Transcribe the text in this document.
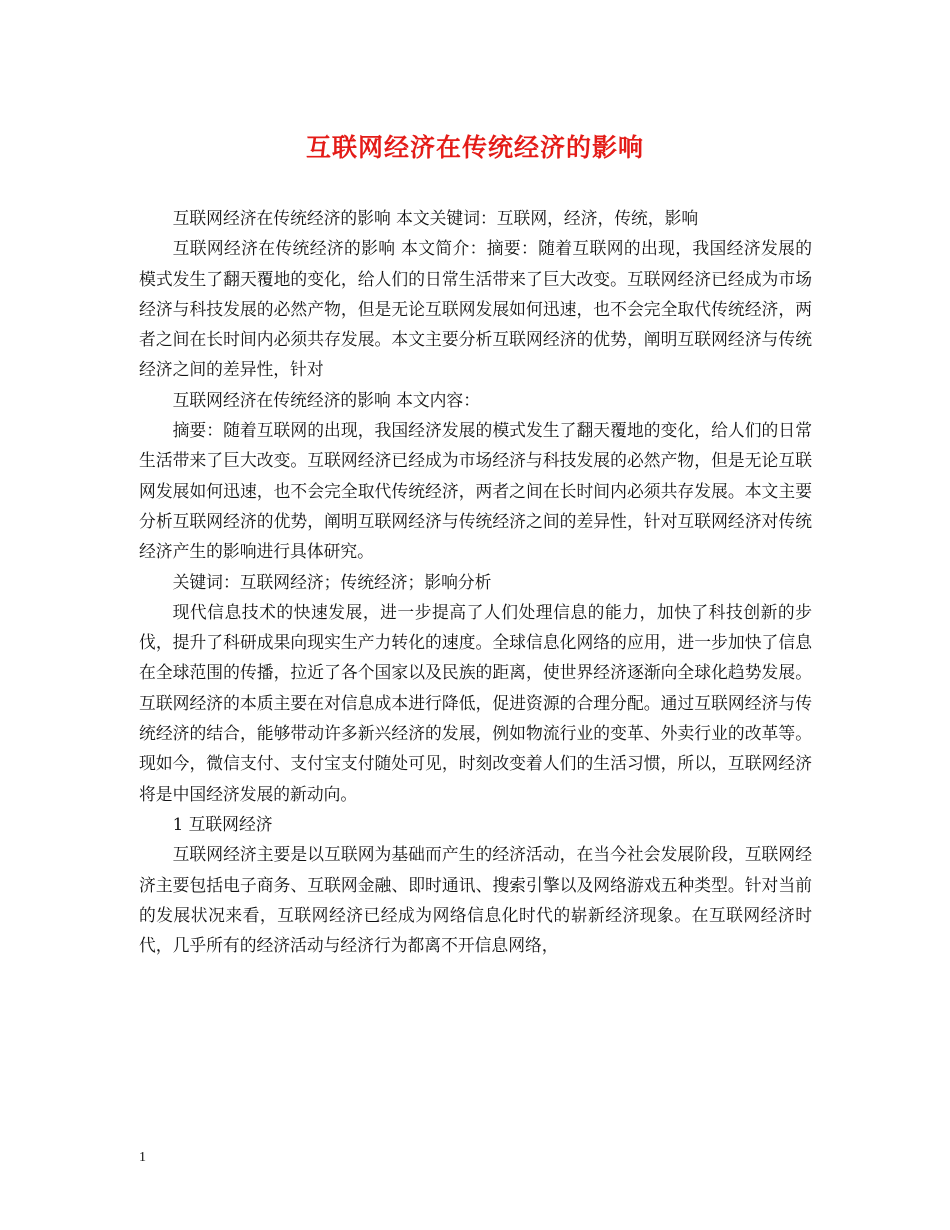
互联网经济在传统经济的影响

互联网经济在传统经济的影响 本文关键词：互联网，经济，传统，影响

互联网经济在传统经济的影响 本文简介：摘要：随着互联网的出现，我国经济发展的模式发生了翻天覆地的变化，给人们的日常生活带来了巨大改变。互联网经济已经成为市场经济与科技发展的必然产物，但是无论互联网发展如何迅速，也不会完全取代传统经济，两者之间在长时间内必须共存发展。本文主要分析互联网经济的优势，阐明互联网经济与传统经济之间的差异性，针对

互联网经济在传统经济的影响 本文内容：

摘要：随着互联网的出现，我国经济发展的模式发生了翻天覆地的变化，给人们的日常生活带来了巨大改变。互联网经济已经成为市场经济与科技发展的必然产物，但是无论互联网发展如何迅速，也不会完全取代传统经济，两者之间在长时间内必须共存发展。本文主要分析互联网经济的优势，阐明互联网经济与传统经济之间的差异性，针对互联网经济对传统经济产生的影响进行具体研究。

关键词：互联网经济；传统经济；影响分析

现代信息技术的快速发展，进一步提高了人们处理信息的能力，加快了科技创新的步伐，提升了科研成果向现实生产力转化的速度。全球信息化网络的应用，进一步加快了信息在全球范围的传播，拉近了各个国家以及民族的距离，使世界经济逐渐向全球化趋势发展。互联网经济的本质主要在对信息成本进行降低，促进资源的合理分配。通过互联网经济与传统经济的结合，能够带动许多新兴经济的发展，例如物流行业的变革、外卖行业的改革等。现如今，微信支付、支付宝支付随处可见，时刻改变着人们的生活习惯，所以，互联网经济将是中国经济发展的新动向。

1 互联网经济

互联网经济主要是以互联网为基础而产生的经济活动，在当今社会发展阶段，互联网经济主要包括电子商务、互联网金融、即时通讯、搜索引擎以及网络游戏五种类型。针对当前的发展状况来看，互联网经济已经成为网络信息化时代的崭新经济现象。在互联网经济时代，几乎所有的经济活动与经济行为都离不开信息网络，

1
